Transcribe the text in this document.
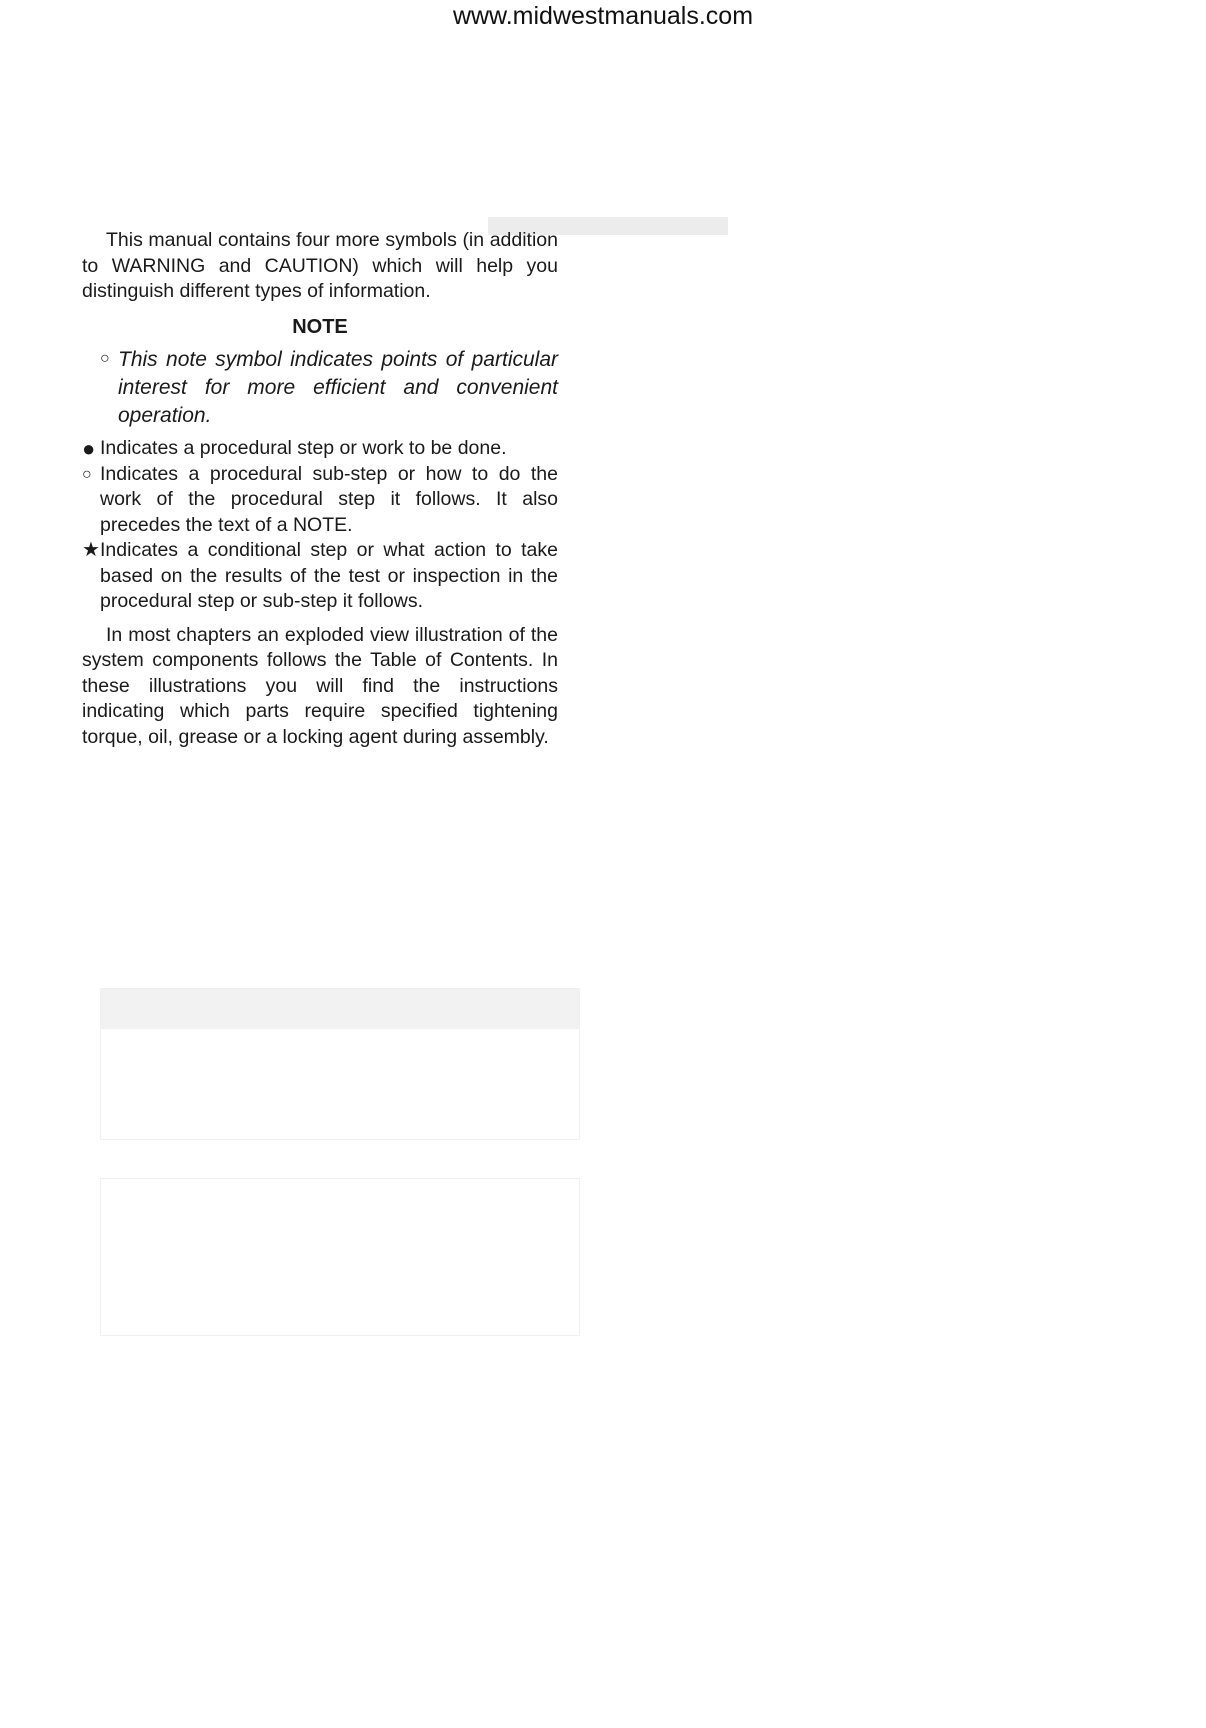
www.midwestmanuals.com
▬▬▬▬

This manual contains four more symbols (in addition to WARNING and CAUTION) which will help you distinguish different types of information.

NOTE
○ This note symbol indicates points of particular interest for more efficient and convenient operation.
● Indicates a procedural step or work to be done.
○ Indicates a procedural sub-step or how to do the work of the procedural step it follows. It also precedes the text of a NOTE.
★ Indicates a conditional step or what action to take based on the results of the test or inspection in the procedural step or sub-step it follows.

In most chapters an exploded view illustration of the system components follows the Table of Contents. In these illustrations you will find the instructions indicating which parts require specified tightening torque, oil, grease or a locking agent during assembly.
